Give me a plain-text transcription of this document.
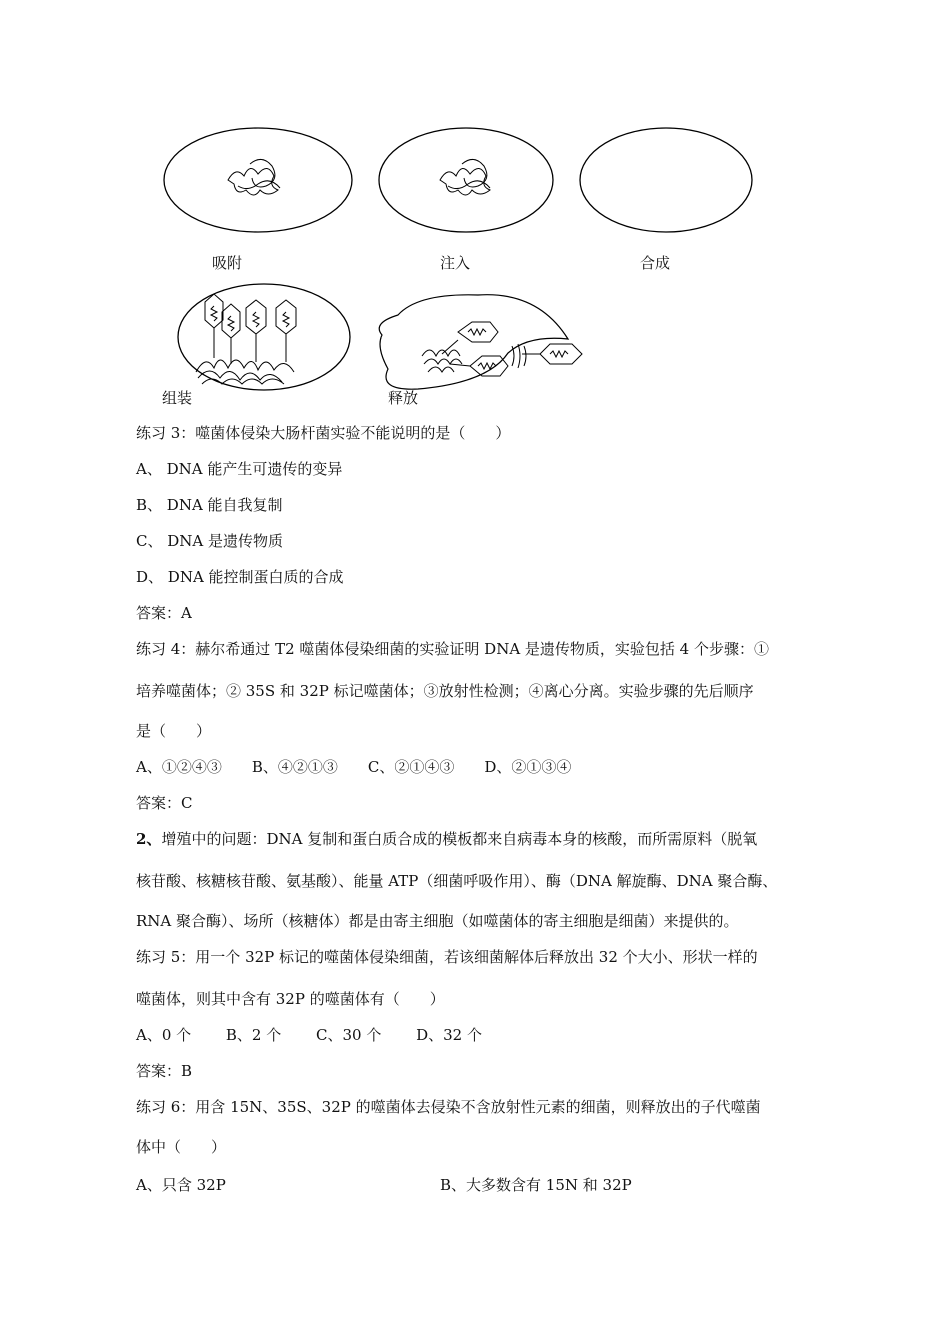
吸附	注入	合成
组装	释放
练习 3：噬菌体侵染大肠杆菌实验不能说明的是（　　）
A、 DNA 能产生可遗传的变异
B、 DNA 能自我复制
C、 DNA 是遗传物质
D、 DNA 能控制蛋白质的合成
答案：A
练习 4：赫尔希通过 T2 噬菌体侵染细菌的实验证明 DNA 是遗传物质，实验包括 4 个步骤：①
培养噬菌体；② 35S 和 32P 标记噬菌体；③放射性检测；④离心分离。实验步骤的先后顺序
是（　　）
A、①②④③　　B、④②①③　　C、②①④③　　D、②①③④
答案：C
2、增殖中的问题：DNA 复制和蛋白质合成的模板都来自病毒本身的核酸，而所需原料（脱氧
核苷酸、核糖核苷酸、氨基酸）、能量 ATP（细菌呼吸作用）、酶（DNA 解旋酶、DNA 聚合酶、
RNA 聚合酶）、场所（核糖体）都是由寄主细胞（如噬菌体的寄主细胞是细菌）来提供的。
练习 5：用一个 32P 标记的噬菌体侵染细菌，若该细菌解体后释放出 32 个大小、形状一样的
噬菌体，则其中含有 32P 的噬菌体有（　　）
A、0 个　　 B、2 个　　 C、30 个　　 D、32 个
答案：B
练习 6：用含 15N、35S、32P 的噬菌体去侵染不含放射性元素的细菌，则释放出的子代噬菌
体中（　　）
A、只含 32P	B、大多数含有 15N 和 32P
